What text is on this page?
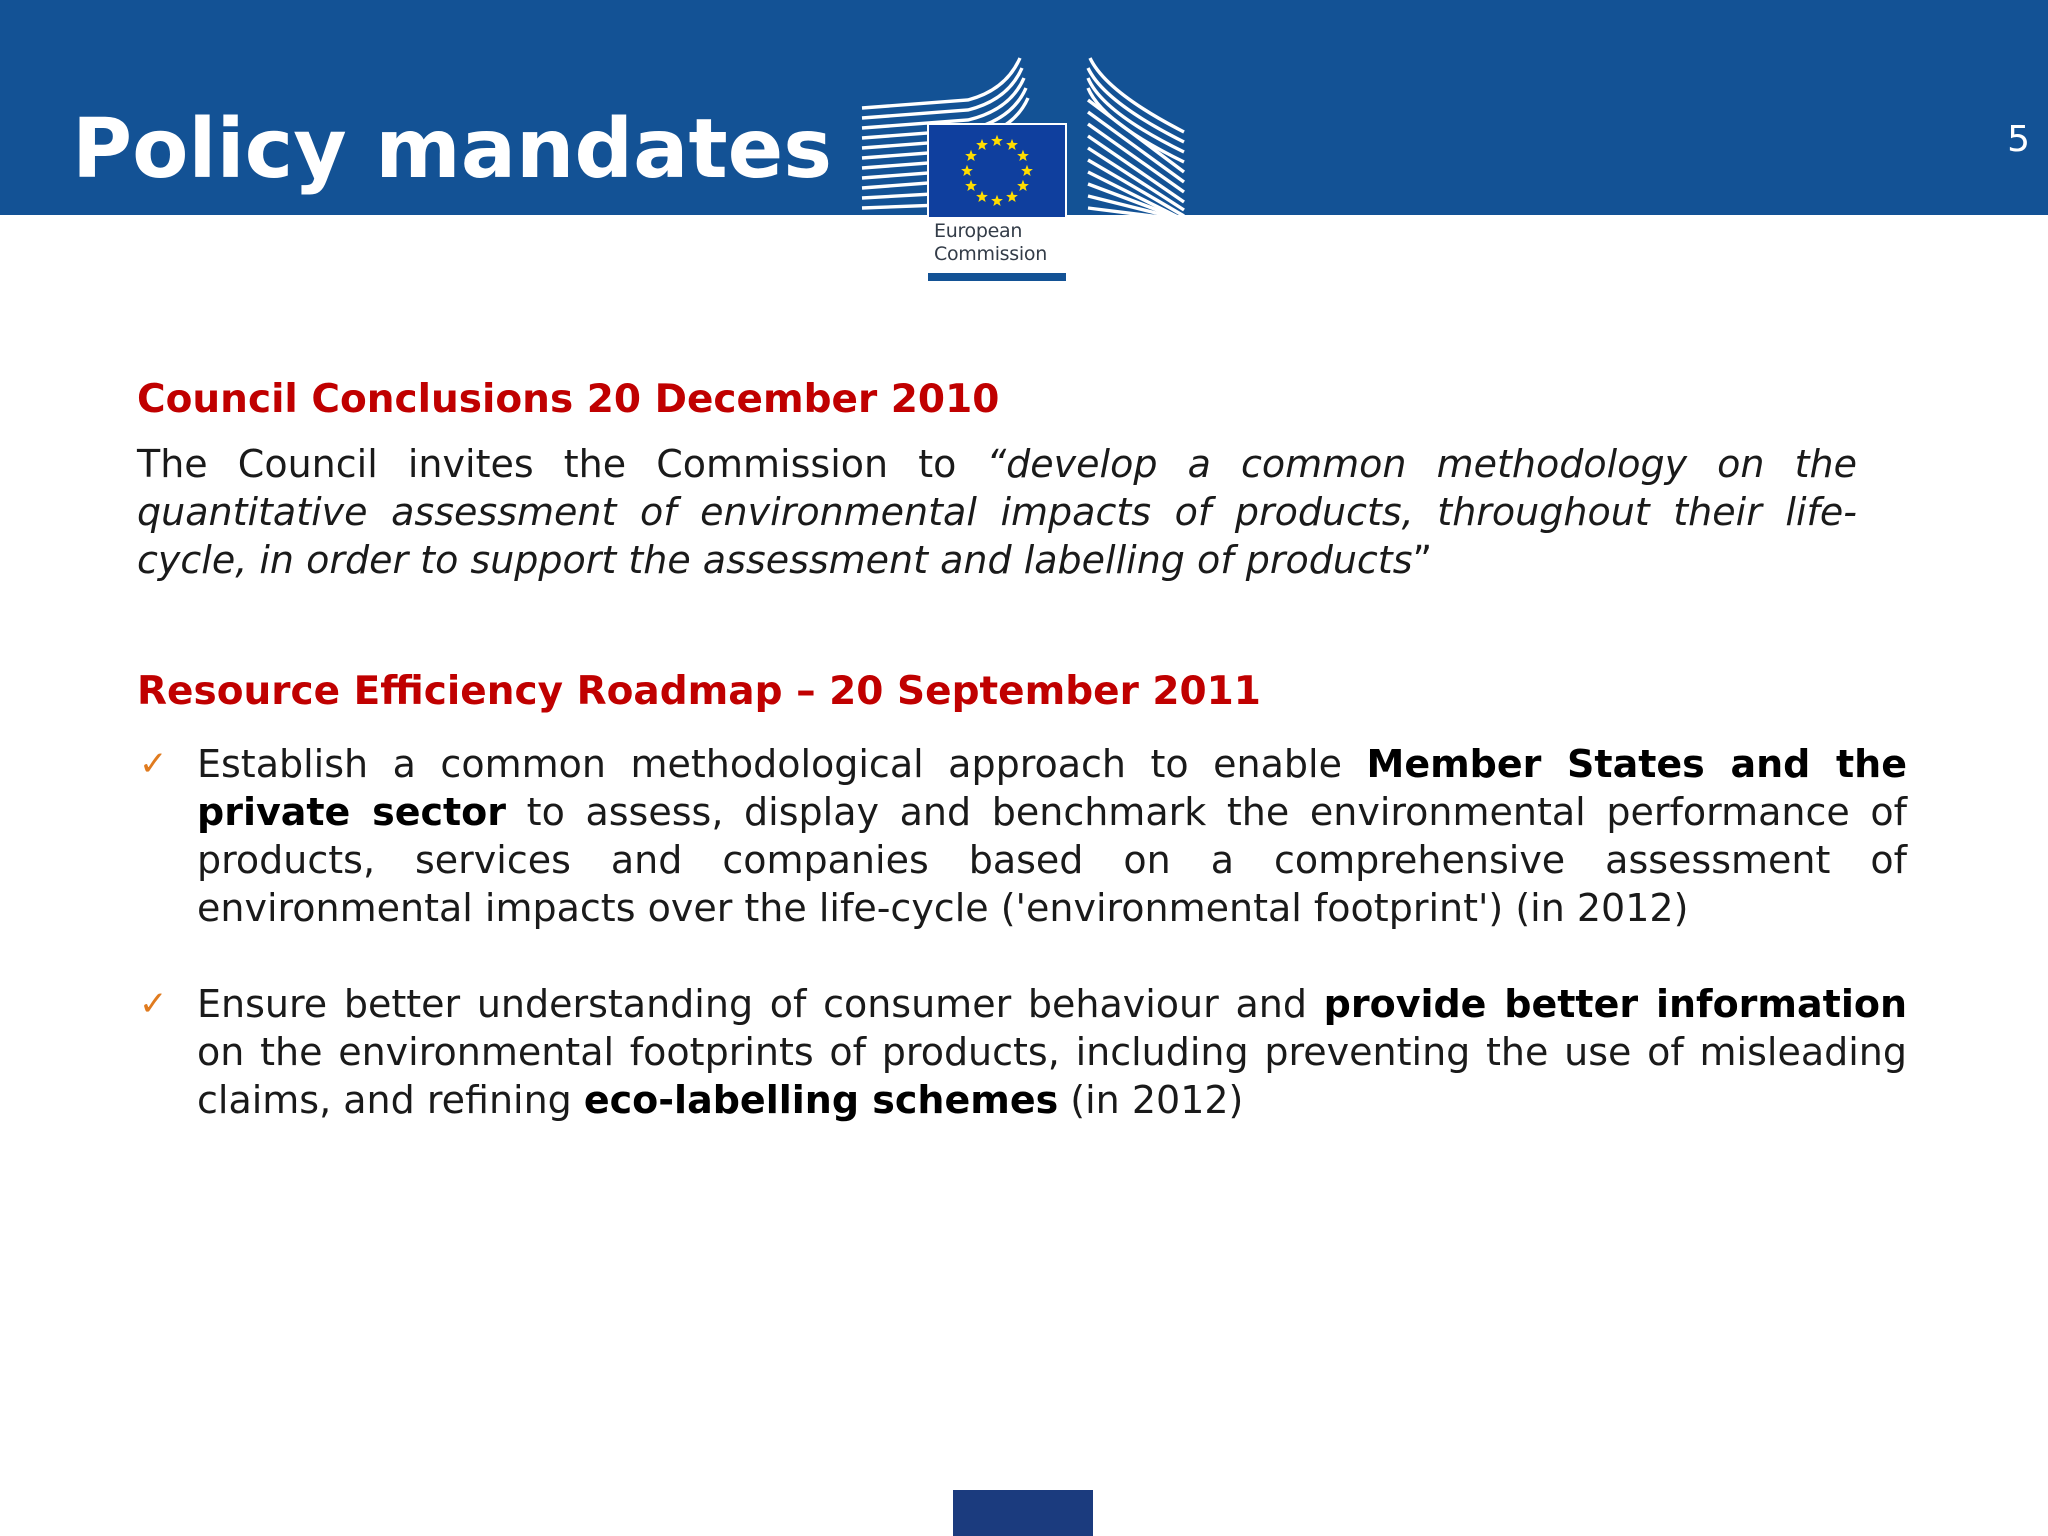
Policy mandates	5
European
Commission
Council Conclusions 20 December 2010

The Council invites the Commission to “develop a common methodology on the quantitative assessment of environmental impacts of products, throughout their life-cycle, in order to support the assessment and labelling of products”

Resource Efficiency Roadmap – 20 September 2011
✓ Establish a common methodological approach to enable Member States and the private sector to assess, display and benchmark the environmental performance of products, services and companies based on a comprehensive assessment of environmental impacts over the life-cycle ('environmental footprint') (in 2012)
✓ Ensure better understanding of consumer behaviour and provide better information on the environmental footprints of products, including preventing the use of misleading claims, and refining eco-labelling schemes (in 2012)
